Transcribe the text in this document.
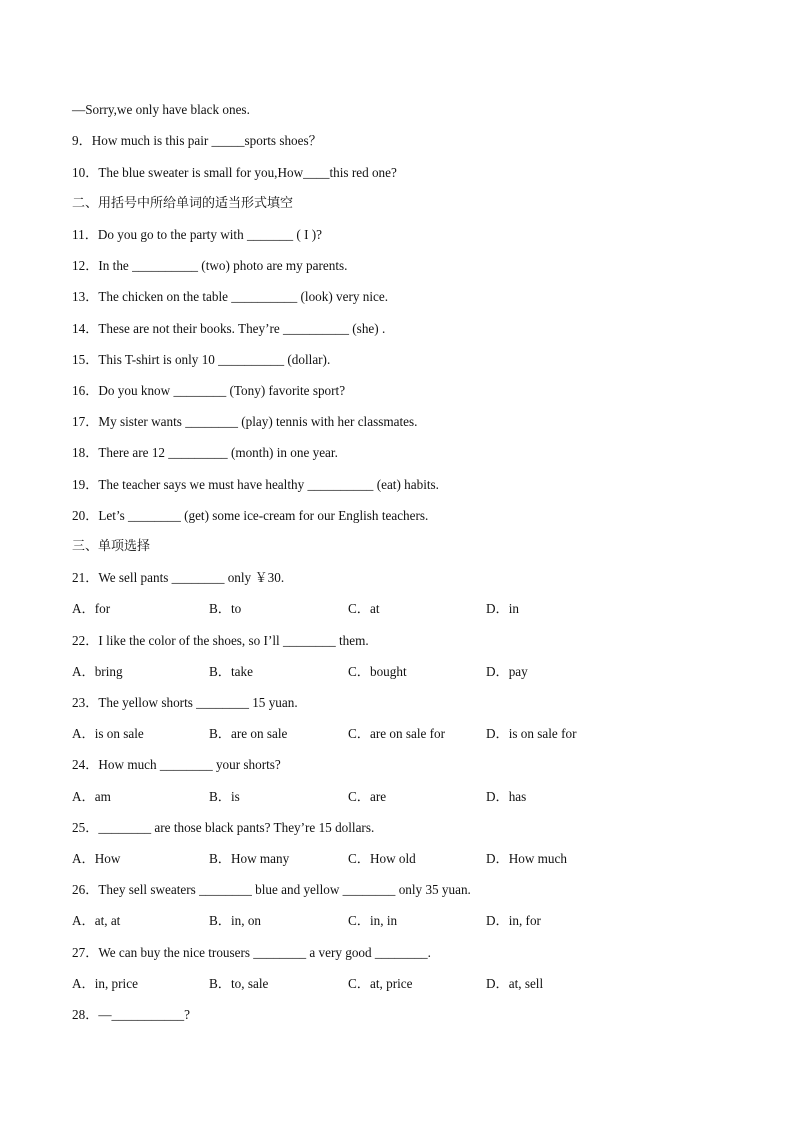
—Sorry,we only have black ones.
9．How much is this pair _____sports shoes？
10．The blue sweater is small for you,How____this red one?
二、用括号中所给单词的适当形式填空
11．Do you go to the party with _______ ( I )?
12．In the __________ (two) photo are my parents.
13．The chicken on the table __________ (look) very nice.
14．These are not their books. They’re __________ (she) .
15．This T-shirt is only 10 __________ (dollar).
16．Do you know ________ (Tony) favorite sport?
17．My sister wants ________ (play) tennis with her classmates.
18．There are 12 _________ (month) in one year.
19．The teacher says we must have healthy __________ (eat) habits.
20．Let’s ________ (get) some ice-cream for our English teachers.
三、单项选择
21．We sell pants ________ only ￥30.
A．for	B．to	C．at	D．in
22．I like the color of the shoes, so I’ll ________ them.
A．bring	B．take	C．bought	D．pay
23．The yellow shorts ________ 15 yuan.
A．is on sale	B．are on sale	C．are on sale for	D．is on sale for
24．How much ________ your shorts?
A．am	B．is	C．are	D．has
25．________ are those black pants? They’re 15 dollars.
A．How	B．How many	C．How old	D．How much
26．They sell sweaters ________ blue and yellow ________ only 35 yuan.
A．at, at	B．in, on	C．in, in	D．in, for
27．We can buy the nice trousers ________ a very good ________.
A．in, price	B．to, sale	C．at, price	D．at, sell
28．—___________?
